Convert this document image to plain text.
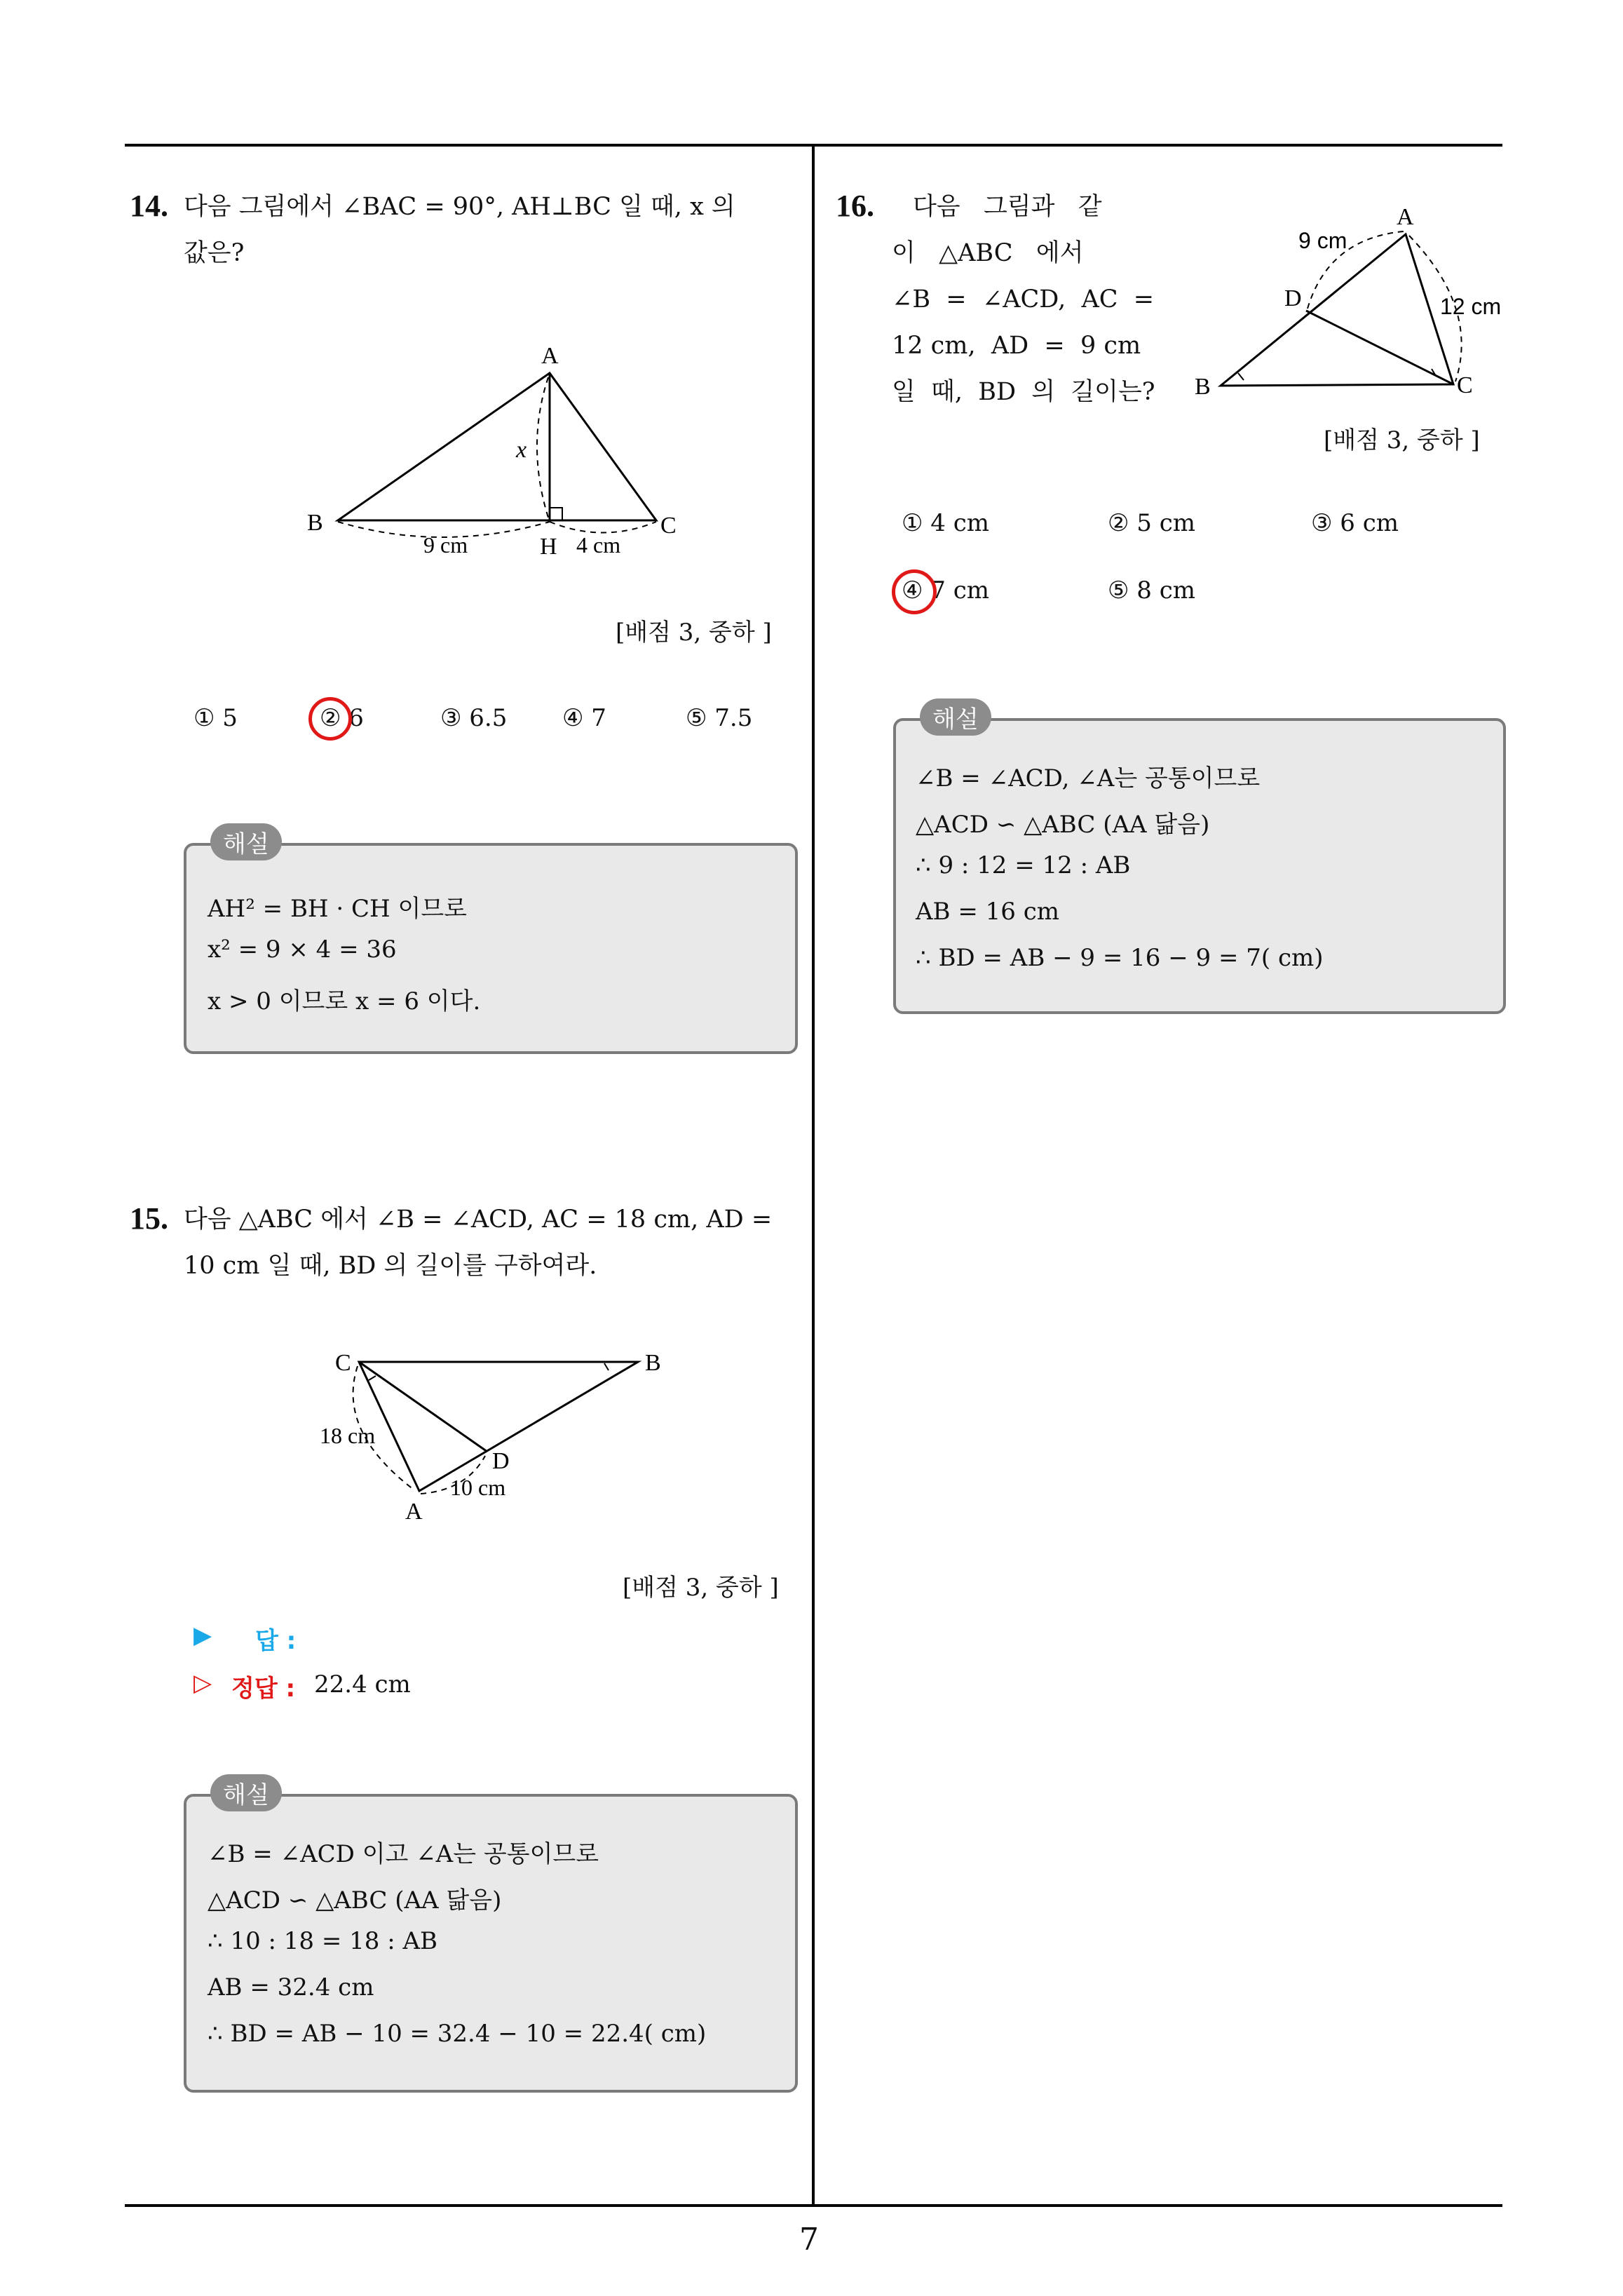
7
14. 다음 그림에서 ∠BAC = 90°, AH⊥BC 일 때, x 의
값은?
A
B	C
H
x
9 cm	4 cm
[배점 3, 중하 ]
① 5	② 6	③ 6.5 ④ 7	⑤ 7.5
해설
AH² = BH · CH 이므로
x² = 9 × 4 = 36
x > 0 이므로 x = 6 이다.
15. 다음 △ABC 에서 ∠B = ∠ACD, AC = 18 cm, AD =
10 cm 일 때, BD 의 길이를 구하여라.
C	B
D
A
18 cm
10 cm
[배점 3, 중하 ]
▶ 답 :
▷ 정답 : 22.4 cm
해설
∠B = ∠ACD 이고 ∠A는 공통이므로
△ACD ∽ △ABC (AA 닮음)
∴ 10 : 18 = 18 : AB
AB = 32.4 cm
∴ BD = AB − 10 = 32.4 − 10 = 22.4( cm)
16. 다음   그림과   같
이   △ABC   에서
∠B  =  ∠ACD,  AC  =
12 cm,  AD  =  9 cm
일  때,  BD  의  길이는?
A
B	C
D
9 cm
12 cm
[배점 3, 중하 ]
① 4 cm	② 5 cm	③ 6 cm
④ 7 cm	⑤ 8 cm
해설
∠B = ∠ACD, ∠A는 공통이므로
△ACD ∽ △ABC (AA 닮음)
∴ 9 : 12 = 12 : AB
AB = 16 cm
∴ BD = AB − 9 = 16 − 9 = 7( cm)
